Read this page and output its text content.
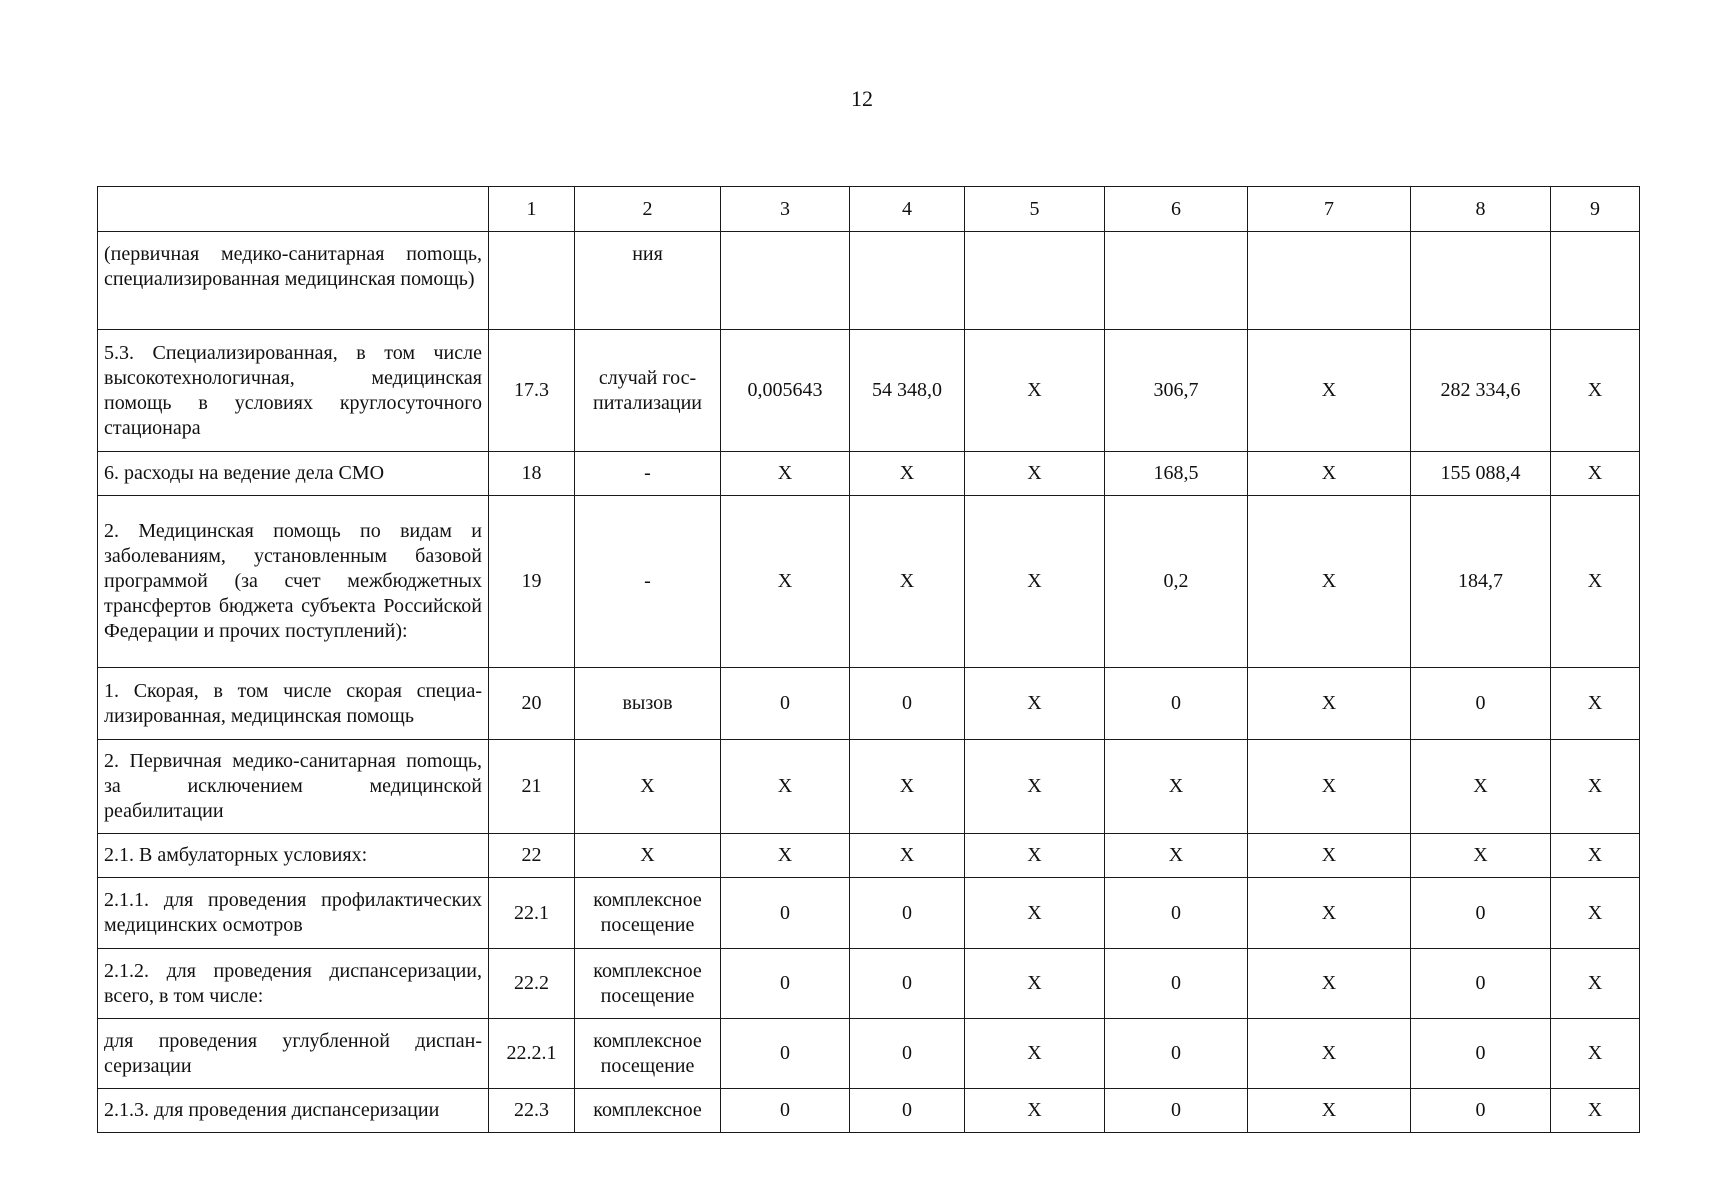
12
	1	2	3	4	5	6	7	8	9
(первичная медико-санитарная поmощь, специализированная медицинская помощь)		ния							
5.3. Специализированная, в том числе высокотехнологичная, медицинская помощь в условиях круглосуточного стационара	17.3	случай госпитализации	0,005643	54 348,0	Х	306,7	Х	282 334,6	Х
6. расходы на ведение дела СМО	18	-	Х	Х	Х	168,5	Х	155 088,4	Х
2. Медицинская помощь по видам и заболеваниям, установленным базовой программой (за счет межбюджетных трансфертов бюджета субъекта Российской Федерации и прочих поступлений):	19	-	Х	Х	Х	0,2	Х	184,7	Х
1. Скорая, в том числе скорая специализированная, медицинская помощь	20	вызов	0	0	Х	0	Х	0	Х
2. Первичная медико-санитарная поmощь, за исключением медицинской реабилитации	21	Х	Х	Х	Х	Х	Х	Х	Х
2.1. В амбулаторных условиях:	22	Х	Х	Х	Х	Х	Х	Х	Х
2.1.1. для проведения профилактических медицинских осмотров	22.1	комплексное посещение	0	0	Х	0	Х	0	Х
2.1.2. для проведения диспансеризации, всего, в том числе:	22.2	комплексное посещение	0	0	Х	0	Х	0	Х
для проведения углубленной диспансеризации	22.2.1	комплексное посещение	0	0	Х	0	Х	0	Х
2.1.3. для проведения диспансеризации	22.3	комплексное	0	0	Х	0	Х	0	Х
